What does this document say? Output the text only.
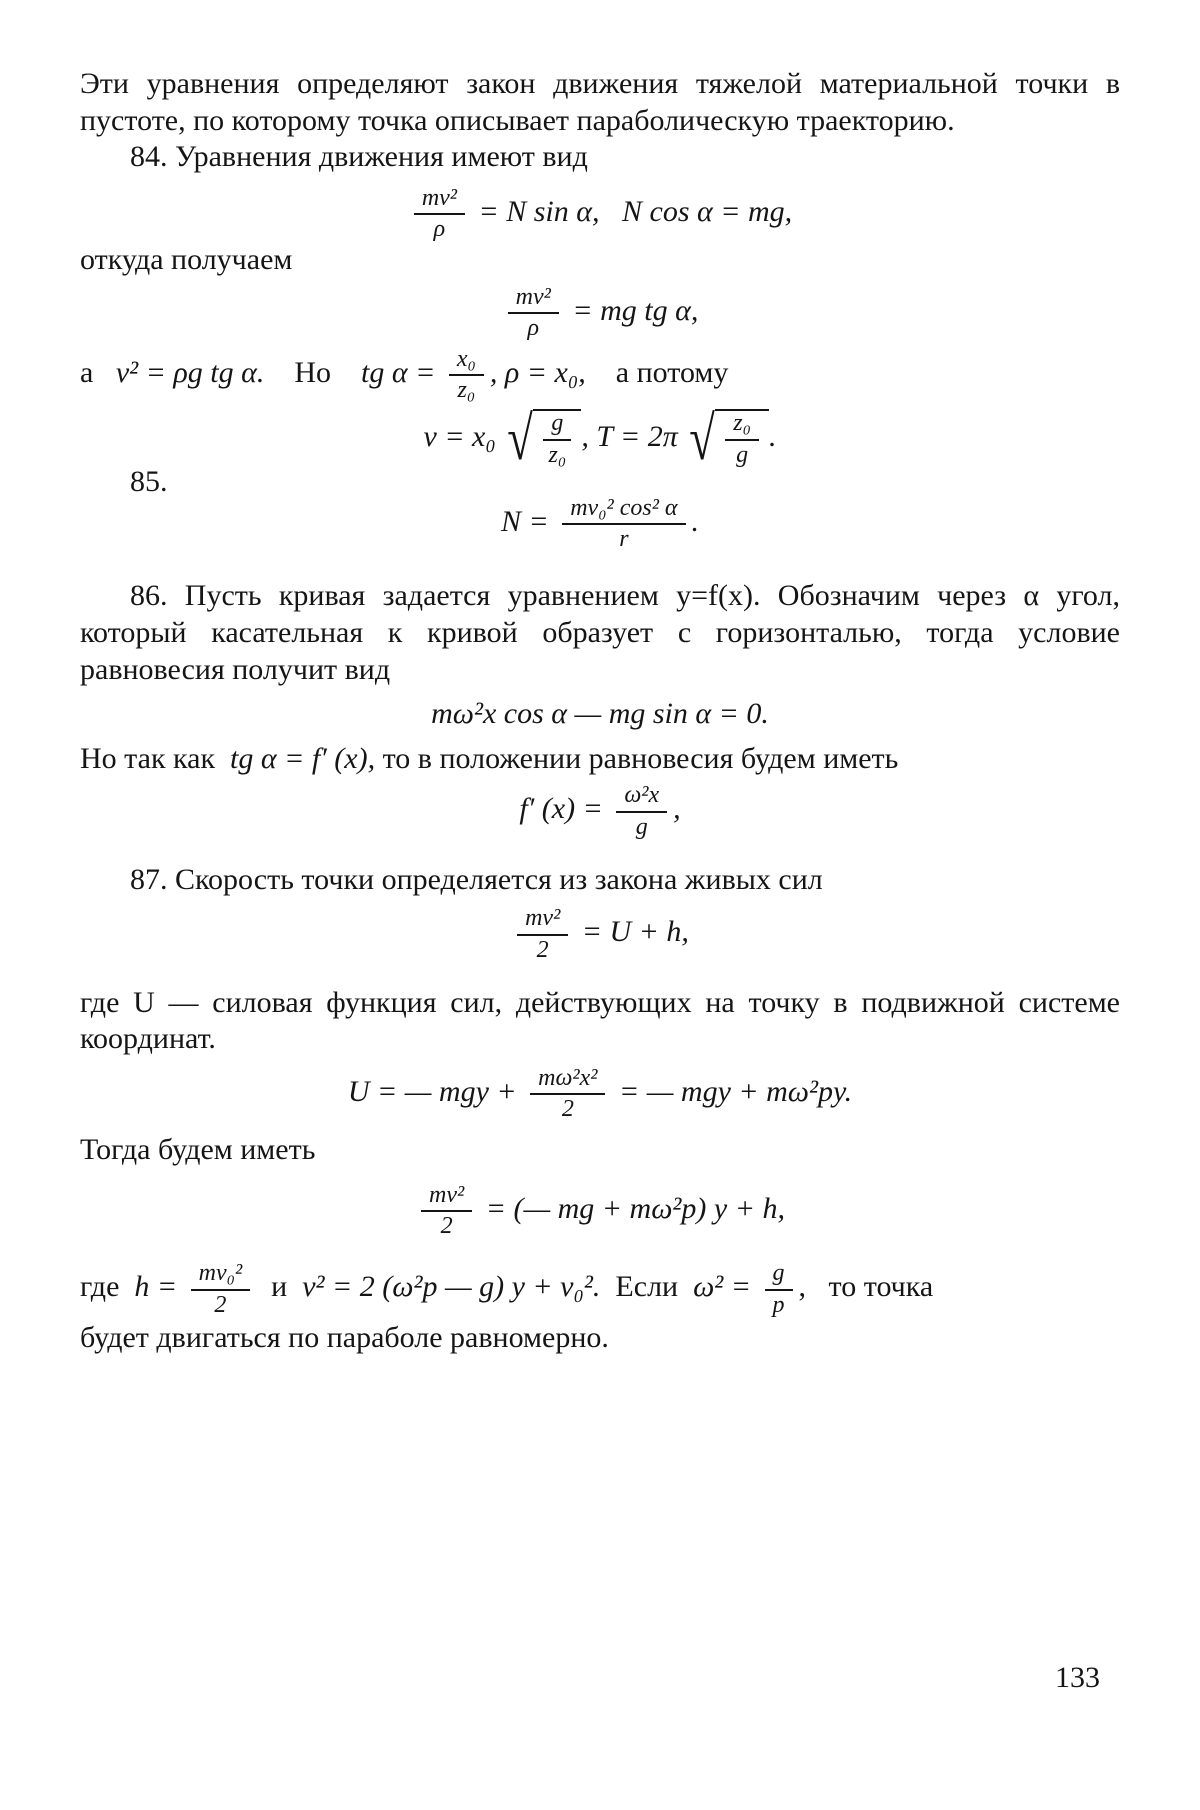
Эти уравнения определяют закон движения тяжелой материальной точки в пустоте, по которому точка описывает параболическую траекторию.

84. Уравнения движения имеют вид

$\frac{\text{mv²}}{\rho} = N$ sin α, N cos α = mg,

откуда получаем

$\frac{\text{mv²}}{\rho}$ = mg tg α,

а v² = ρg tg α. Но tg $\alpha = \frac{\text{x₀}}{\text{z₀}}$ , ρ = x₀, а потому

v = x₀ √ $\frac{g}{\text{z₀}}$ , T = 2π √ $\frac{\text{z₀}}{g}$ .

85.

$N = \frac{\text{mv₀² cos² α}}{r}$ .

86. Пусть кривая задается уравнением y=f(x). Обозначим через α угол, который касательная к кривой образует с горизонталью, тогда условие равновесия получит вид

mω²x cos α — mg sin α = 0.

Но так как tg α = f′ (x), то в положении равновесия будем иметь

f′ $(x) = \frac{\text{ω²x}}{g}$ ,

87. Скорость точки определяется из закона живых сил

$\frac{\text{mv²}}{2} = U + h$,

где U — силовая функция сил, действующих на точку в подвижной системе координат.

U = — mgy + $\frac{\text{mω²x²}}{2}$ = — mgy + mω²py.

Тогда будем иметь

$\frac{\text{mv²}}{2}$ = (— mg + mω²p) y + h,

где $h = \frac{\text{mv₀²}}{2}$ и v² = 2 (ω²p — g) y + v₀². Если $\omega^2 = \frac{g}{p}$ , то точка

будет двигаться по параболе равномерно.

133
